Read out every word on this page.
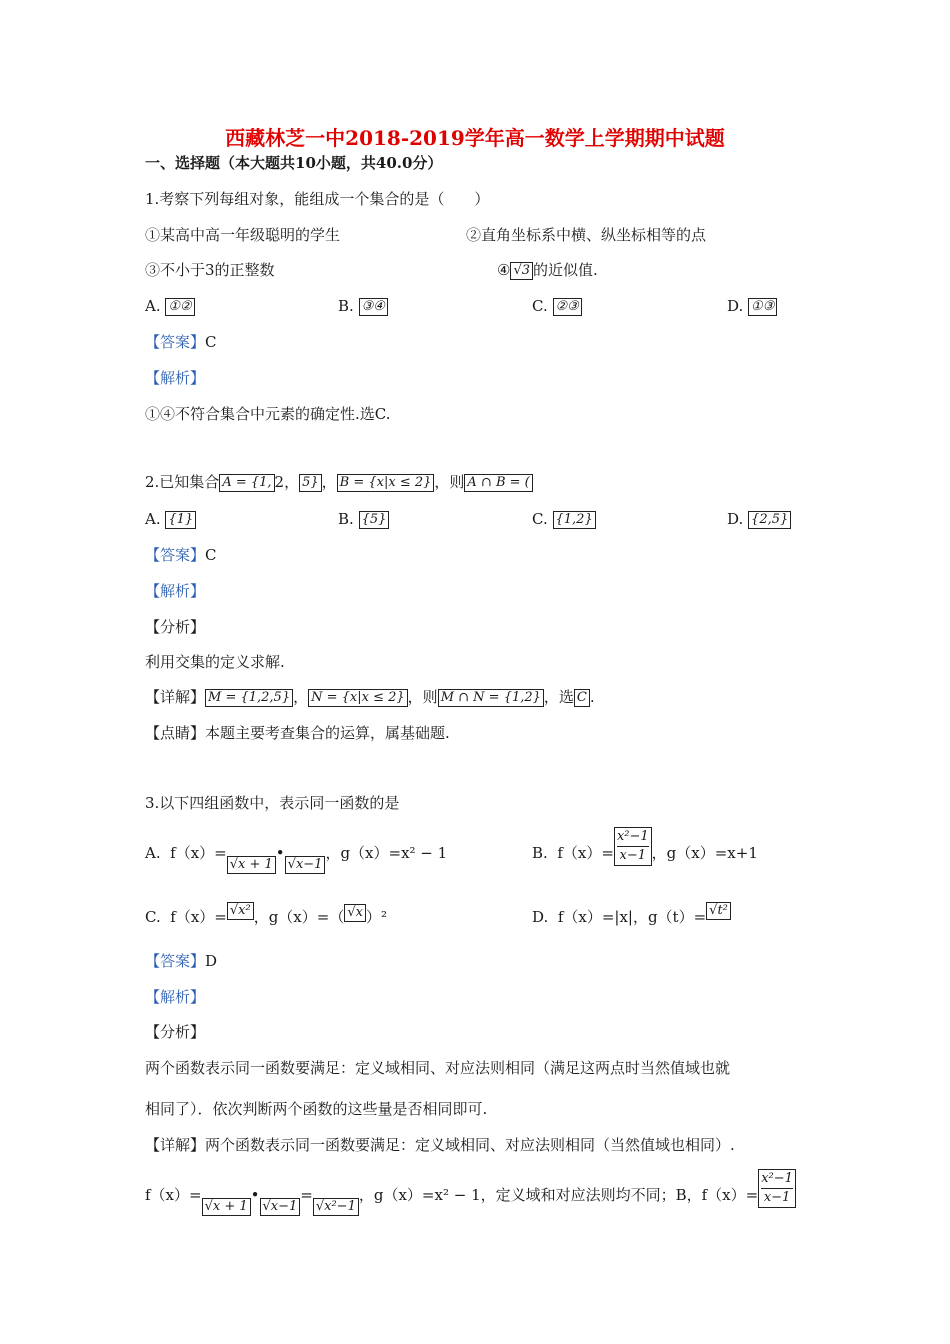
西藏林芝一中2018-2019学年高一数学上学期期中试题
一、选择题（本大题共10小题，共40.0分）
1.考察下列每组对象，能组成一个集合的是（　　）
①某高中高一年级聪明的学生	②直角坐标系中横、纵坐标相等的点
③不小于3的正整数	④ √3 的近似值.
A. ①②	B. ③④	C. ②③	D. ①③
【答案】C
【解析】
①④不符合集合中元素的确定性.选C.
2.已知集合 A = {1, 2， 5} ， B = {x|x ≤ 2} ，则 A ∩ B = (
A. {1}	B. {5}	C. {1,2}	D. {2,5}
【答案】C
【解析】
【分析】
利用交集的定义求解.
【详解】 M = {1,2,5} ， N = {x|x ≤ 2} ，则 M ∩ N = {1,2} ，选 C .
【点睛】本题主要考查集合的运算，属基础题.
3.以下四组函数中，表示同一函数的是
A. f（x）=√x + 1•√x−1，g（x）=x² − 1	B. $f(x)= \frac{\text{x²−1}}{x-1}$ ，g（x）=x+1
C. f（x）= √x² ，g（x）=（ √x ）²	D. f（x）=|x|，g（t）= √t²
【答案】D
【解析】
【分析】
两个函数表示同一函数要满足：定义域相同、对应法则相同（满足这两点时当然值域也就
相同了）．依次判断两个函数的这些量是否相同即可.
【详解】两个函数表示同一函数要满足：定义域相同、对应法则相同（当然值域也相同）.
f（x）=√x + 1•√x−1=√x²−1，g（x）=x² − 1，定义域和对应法则均不同；B，$f(x)= \frac{\text{x²−1}}{x-1}$
